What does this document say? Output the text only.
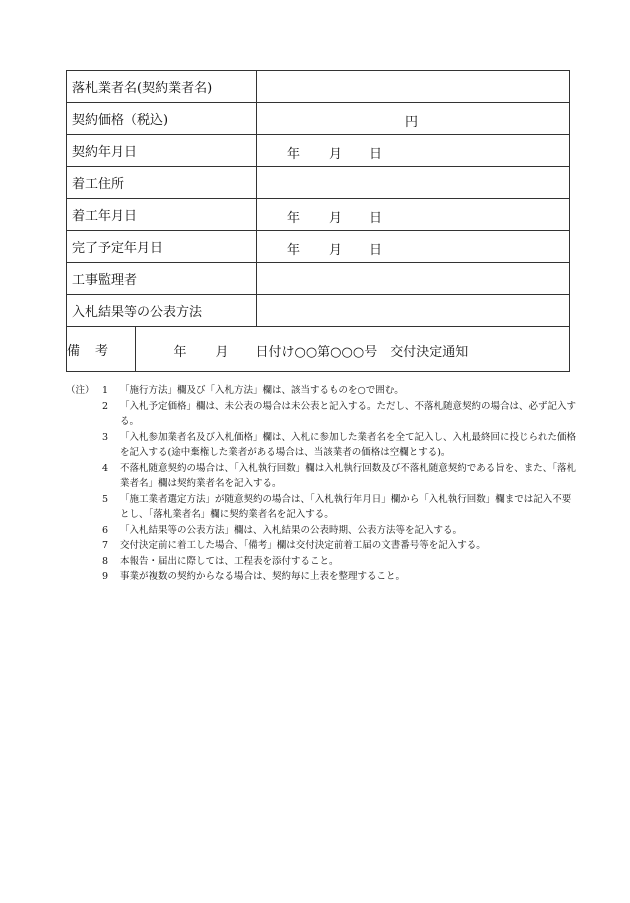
落札業者名(契約業者名)	
契約価格（税込)	円

契約年月日	年 月 日

着工住所	
着工年月日	年 月 日

完了予定年月日	年 月 日

工事監理者	
入札結果等の公表方法	

備　考	年 月 日付け○○第○○○号　交付決定通知
（注） 1 「施行方法」欄及び「入札方法」欄は、該当するものを○で囲む。
2 「入札予定価格」欄は、未公表の場合は未公表と記入する。ただし、不落札随意契約の場合は、必ず記入する。
3 「入札参加業者名及び入札価格」欄は、入札に参加した業者名を全て記入し、入札最終回に投じられた価格を記入する(途中棄権した業者がある場合は、当該業者の価格は空欄とする)。
4 不落札随意契約の場合は、「入札執行回数」欄は入札執行回数及び不落札随意契約である旨を、また、「落札業者名」欄は契約業者名を記入する。
5 「施工業者選定方法」が随意契約の場合は、「入札執行年月日」欄から「入札執行回数」欄までは記入不要とし、「落札業者名」欄に契約業者名を記入する。
6 「入札結果等の公表方法」欄は、入札結果の公表時期、公表方法等を記入する。
7 交付決定前に着工した場合、「備考」欄は交付決定前着工届の文書番号等を記入する。
8 本報告・届出に際しては、工程表を添付すること。
9 事業が複数の契約からなる場合は、契約毎に上表を整理すること。
